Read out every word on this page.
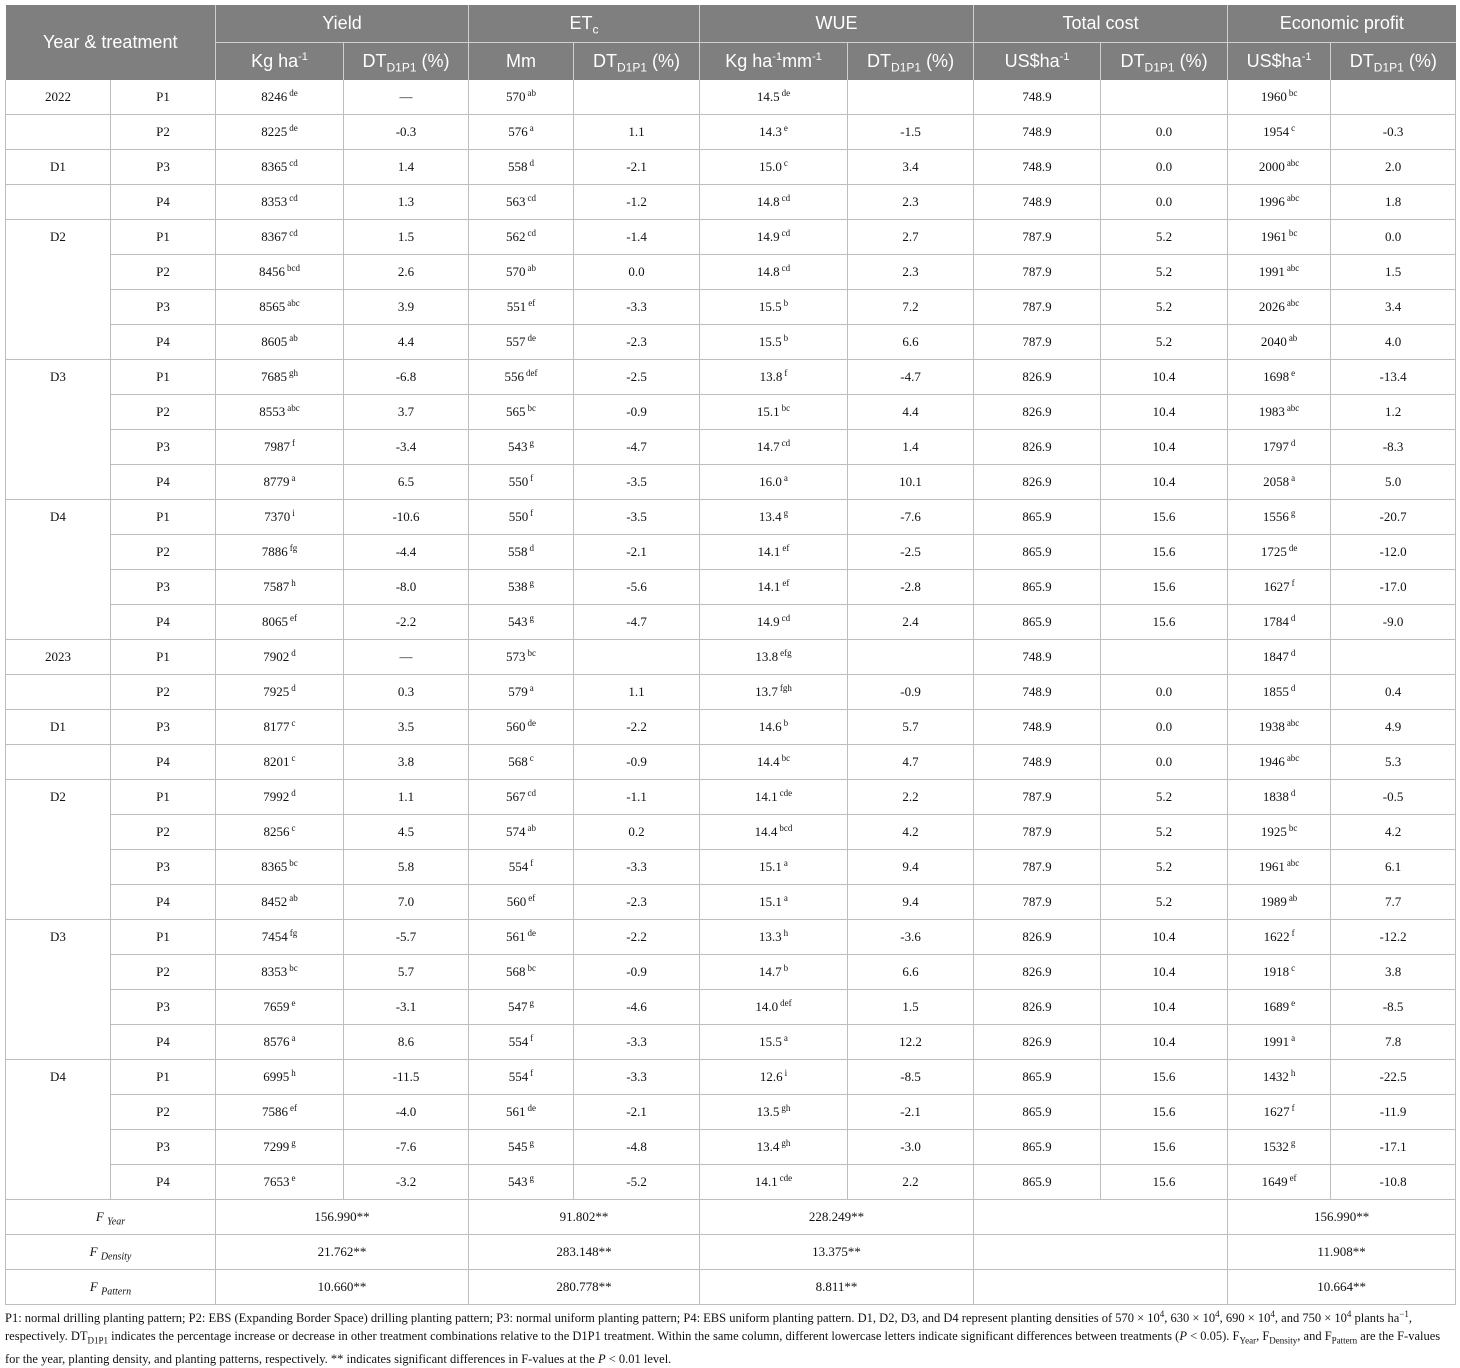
Year & treatment		Yield		$ET_c$		WUE		Total cost		Economic profit	
		Kg $ha^{-1}$	$DT_{D1P1}$ (%)	Mm	$DT_{D1P1}$ (%)	Kg $ha^{-1}mm^{-1}$	$DT_{D1P1}$ (%)	$US\$ha^{-1}$	$DT_{D1P1}$ (%)	$US\$ha^{-1}$	$DT_{D1P1}$ (%)
2022	P1	8246 $^{de}$	—	570 $^{ab}$		14.5 $^{de}$		748.9		1960 $^{bc}$	
	P2	8225 $^{de}$	-0.3	576 $^a$	1.1	14.3 $^e$	-1.5	748.9	0.0	1954 $^c$	-0.3
D1	P3	8365 $^{cd}$	1.4	558 $^d$	-2.1	15.0 $^c$	3.4	748.9	0.0	2000 $^{abc}$	2.0
	P4	8353 $^{cd}$	1.3	563 $^{cd}$	-1.2	14.8 $^{cd}$	2.3	748.9	0.0	1996 $^{abc}$	1.8
D2	P1	8367 $^{cd}$	1.5	562 $^{cd}$	-1.4	14.9 $^{cd}$	2.7	787.9	5.2	1961 $^{bc}$	0.0
	P2	8456 $^{bcd}$	2.6	570 $^{ab}$	0.0	14.8 $^{cd}$	2.3	787.9	5.2	1991 $^{abc}$	1.5
	P3	8565 $^{abc}$	3.9	551 $^{ef}$	-3.3	15.5 $^b$	7.2	787.9	5.2	2026 $^{abc}$	3.4
	P4	8605 $^{ab}$	4.4	557 $^{de}$	-2.3	15.5 $^b$	6.6	787.9	5.2	2040 $^{ab}$	4.0
D3	P1	7685 $^{gh}$	-6.8	556 $^{def}$	-2.5	13.8 $^f$	-4.7	826.9	10.4	1698 $^e$	-13.4
	P2	8553 $^{abc}$	3.7	565 $^{bc}$	-0.9	15.1 $^{bc}$	4.4	826.9	10.4	1983 $^{abc}$	1.2
	P3	7987 $^f$	-3.4	543 $^g$	-4.7	14.7 $^{cd}$	1.4	826.9	10.4	1797 $^d$	-8.3
	P4	8779 $^a$	6.5	550 $^f$	-3.5	16.0 $^a$	10.1	826.9	10.4	2058 $^a$	5.0
D4	P1	7370 $^i$	-10.6	550 $^f$	-3.5	13.4 $^g$	-7.6	865.9	15.6	1556 $^g$	-20.7
	P2	7886 $^{fg}$	-4.4	558 $^d$	-2.1	14.1 $^{ef}$	-2.5	865.9	15.6	1725 $^{de}$	-12.0
	P3	7587 $^h$	-8.0	538 $^g$	-5.6	14.1 $^{ef}$	-2.8	865.9	15.6	1627 $^f$	-17.0
	P4	8065 $^{ef}$	-2.2	543 $^g$	-4.7	14.9 $^{cd}$	2.4	865.9	15.6	1784 $^d$	-9.0
2023	P1	7902 $^d$	—	573 $^{bc}$		13.8 $^{efg}$		748.9		1847 $^d$	
	P2	7925 $^d$	0.3	579 $^a$	1.1	13.7 $^{fgh}$	-0.9	748.9	0.0	1855 $^d$	0.4
D1	P3	8177 $^c$	3.5	560 $^{de}$	-2.2	14.6 $^b$	5.7	748.9	0.0	1938 $^{abc}$	4.9
	P4	8201 $^c$	3.8	568 $^c$	-0.9	14.4 $^{bc}$	4.7	748.9	0.0	1946 $^{abc}$	5.3
D2	P1	7992 $^d$	1.1	567 $^{cd}$	-1.1	14.1 $^{cde}$	2.2	787.9	5.2	1838 $^d$	-0.5
	P2	8256 $^c$	4.5	574 $^{ab}$	0.2	14.4 $^{bcd}$	4.2	787.9	5.2	1925 $^{bc}$	4.2
	P3	8365 $^{bc}$	5.8	554 $^f$	-3.3	15.1 $^a$	9.4	787.9	5.2	1961 $^{abc}$	6.1
	P4	8452 $^{ab}$	7.0	560 $^{ef}$	-2.3	15.1 $^a$	9.4	787.9	5.2	1989 $^{ab}$	7.7
D3	P1	7454 $^{fg}$	-5.7	561 $^{de}$	-2.2	13.3 $^h$	-3.6	826.9	10.4	1622 $^f$	-12.2
	P2	8353 $^{bc}$	5.7	568 $^{bc}$	-0.9	14.7 $^b$	6.6	826.9	10.4	1918 $^c$	3.8
	P3	7659 $^e$	-3.1	547 $^g$	-4.6	14.0 $^{def}$	1.5	826.9	10.4	1689 $^e$	-8.5
	P4	8576 $^a$	8.6	554 $^f$	-3.3	15.5 $^a$	12.2	826.9	10.4	1991 $^a$	7.8
D4	P1	6995 $^h$	-11.5	554 $^f$	-3.3	12.6 $^i$	-8.5	865.9	15.6	1432 $^h$	-22.5
	P2	7586 $^{ef}$	-4.0	561 $^{de}$	-2.1	13.5 $^{gh}$	-2.1	865.9	15.6	1627 $^f$	-11.9
	P3	7299 $^g$	-7.6	545 $^g$	-4.8	13.4 $^{gh}$	-3.0	865.9	15.6	1532 $^g$	-17.1
	P4	7653 $^e$	-3.2	543 $^g$	-5.2	14.1 $^{cde}$	2.2	865.9	15.6	1649 $^{ef}$	-10.8
F $_{Year}$		156.990**		91.802**		228.249**				156.990**	
F $_{Density}$		21.762**		283.148**		13.375**				11.908**	
F $_{Pattern}$		10.660**		280.778**		8.811**				10.664**	
P1: normal drilling planting pattern; P2: EBS (Expanding Border Space) drilling planting pattern; P3: normal uniform planting pattern; P4: EBS uniform planting pattern. D1, D2, D3, and D4 represent planting densities of $570 \times 10^4$, $630 \times 10^4$, $690 \times 10^4$, and $750 \times 10^4$ plants $ha^{-1}$, respectively. $DT_{D1P1}$ indicates the percentage increase or decrease in other treatment combinations relative to the D1P1 treatment. Within the same column, different lowercase letters indicate significant differences between treatments (P < 0.05). $F_{Year}$, $F_{Density}$, and $F_{Pattern}$ are the F-values for the year, planting density, and planting patterns, respectively. ** indicates significant differences in F-values at the P < 0.01 level.
